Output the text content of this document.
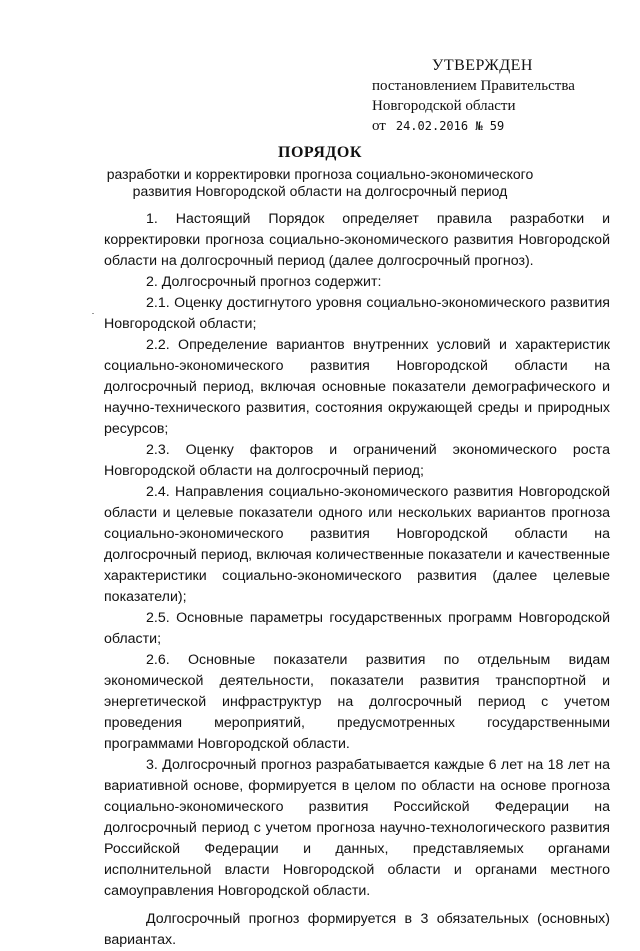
УТВЕРЖДЕН
постановлением Правительства
Новгородской области
от 24.02.2016 № 59
ПОРЯДОК
разработки и корректировки прогноза социально-экономического
развития Новгородской области на долгосрочный период

1. Настоящий Порядок определяет правила разработки и корректировки прогноза социально-экономического развития Новгородской области на долгосрочный период (далее долгосрочный прогноз).

2. Долгосрочный прогноз содержит:

2.1. Оценку достигнутого уровня социально-экономического развития Новгородской области;

2.2. Определение вариантов внутренних условий и характеристик социально-экономического развития Новгородской области на долгосрочный период, включая основные показатели демографического и научно-технического развития, состояния окружающей среды и природных ресурсов;

2.3. Оценку факторов и ограничений экономического роста Новгородской области на долгосрочный период;

2.4. Направления социально-экономического развития Новгородской области и целевые показатели одного или нескольких вариантов прогноза социально-экономического развития Новгородской области на долгосрочный период, включая количественные показатели и качественные характеристики социально-экономического развития (далее целевые показатели);

2.5. Основные параметры государственных программ Новгородской области;

2.6. Основные показатели развития по отдельным видам экономической деятельности, показатели развития транспортной и энергетической инфраструктур на долгосрочный период с учетом проведения мероприятий, предусмотренных государственными программами Новгородской области.

3. Долгосрочный прогноз разрабатывается каждые 6 лет на 18 лет на вариативной основе, формируется в целом по области на основе прогноза социально-экономического развития Российской Федерации на долгосрочный период с учетом прогноза научно-технологического развития Российской Федерации и данных, представляемых органами исполнительной власти Новгородской области и органами местного самоуправления Новгородской области.

Долгосрочный прогноз формируется в 3 обязательных (основных) вариантах.
